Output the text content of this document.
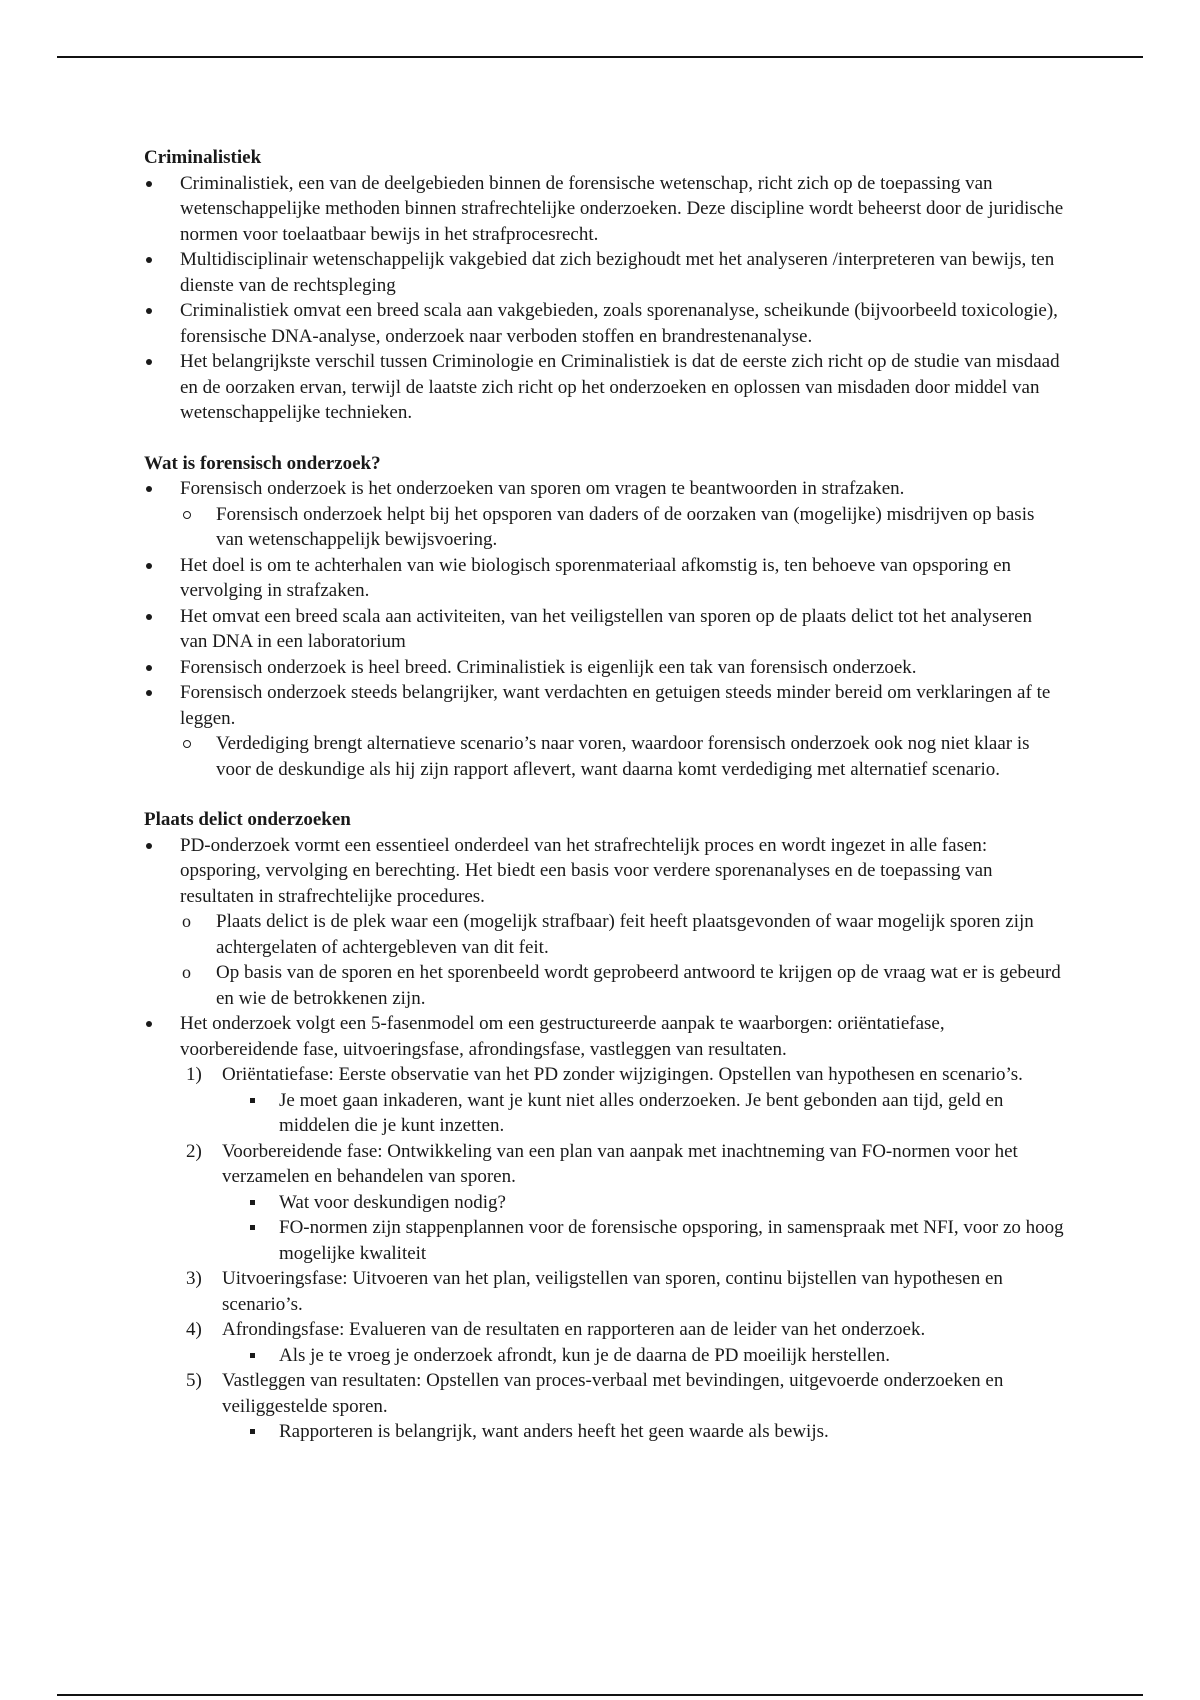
Criminalistiek
Criminalistiek, een van de deelgebieden binnen de forensische wetenschap, richt zich op de toepassing van wetenschappelijke methoden binnen strafrechtelijke onderzoeken. Deze discipline wordt beheerst door de juridische normen voor toelaatbaar bewijs in het strafprocesrecht.
Multidisciplinair wetenschappelijk vakgebied dat zich bezighoudt met het analyseren /interpreteren van bewijs, ten dienste van de rechtspleging
Criminalistiek omvat een breed scala aan vakgebieden, zoals sporenanalyse, scheikunde (bijvoorbeeld toxicologie), forensische DNA-analyse, onderzoek naar verboden stoffen en brandrestenanalyse.
Het belangrijkste verschil tussen Criminologie en Criminalistiek is dat de eerste zich richt op de studie van misdaad en de oorzaken ervan, terwijl de laatste zich richt op het onderzoeken en oplossen van misdaden door middel van wetenschappelijke technieken.
Wat is forensisch onderzoek?
Forensisch onderzoek is het onderzoeken van sporen om vragen te beantwoorden in strafzaken.
Forensisch onderzoek helpt bij het opsporen van daders of de oorzaken van (mogelijke) misdrijven op basis van wetenschappelijk bewijsvoering.
Het doel is om te achterhalen van wie biologisch sporenmateriaal afkomstig is, ten behoeve van opsporing en vervolging in strafzaken.
Het omvat een breed scala aan activiteiten, van het veiligstellen van sporen op de plaats delict tot het analyseren van DNA in een laboratorium
Forensisch onderzoek is heel breed. Criminalistiek is eigenlijk een tak van forensisch onderzoek.
Forensisch onderzoek steeds belangrijker, want verdachten en getuigen steeds minder bereid om verklaringen af te leggen.
Verdediging brengt alternatieve scenario’s naar voren, waardoor forensisch onderzoek ook nog niet klaar is voor de deskundige als hij zijn rapport aflevert, want daarna komt verdediging met alternatief scenario.
Plaats delict onderzoeken
PD-onderzoek vormt een essentieel onderdeel van het strafrechtelijk proces en wordt ingezet in alle fasen: opsporing, vervolging en berechting. Het biedt een basis voor verdere sporenanalyses en de toepassing van resultaten in strafrechtelijke procedures.
o	Plaats delict is de plek waar een (mogelijk strafbaar) feit heeft plaatsgevonden of waar mogelijk sporen zijn achtergelaten of achtergebleven van dit feit.
o	Op basis van de sporen en het sporenbeeld wordt geprobeerd antwoord te krijgen op de vraag wat er is gebeurd en wie de betrokkenen zijn.
Het onderzoek volgt een 5-fasenmodel om een gestructureerde aanpak te waarborgen: oriëntatiefase, voorbereidende fase, uitvoeringsfase, afrondingsfase, vastleggen van resultaten.
1)	Oriëntatiefase: Eerste observatie van het PD zonder wijzigingen. Opstellen van hypothesen en scenario’s.
Je moet gaan inkaderen, want je kunt niet alles onderzoeken. Je bent gebonden aan tijd, geld en middelen die je kunt inzetten.
2)	Voorbereidende fase: Ontwikkeling van een plan van aanpak met inachtneming van FO-normen voor het verzamelen en behandelen van sporen.
Wat voor deskundigen nodig?
FO-normen zijn stappenplannen voor de forensische opsporing, in samenspraak met NFI, voor zo hoog mogelijke kwaliteit
3)	Uitvoeringsfase: Uitvoeren van het plan, veiligstellen van sporen, continu bijstellen van hypothesen en scenario’s.
4)	Afrondingsfase: Evalueren van de resultaten en rapporteren aan de leider van het onderzoek.
Als je te vroeg je onderzoek afrondt, kun je de daarna de PD moeilijk herstellen.
5)	Vastleggen van resultaten: Opstellen van proces-verbaal met bevindingen, uitgevoerde onderzoeken en veiliggestelde sporen.
Rapporteren is belangrijk, want anders heeft het geen waarde als bewijs.
